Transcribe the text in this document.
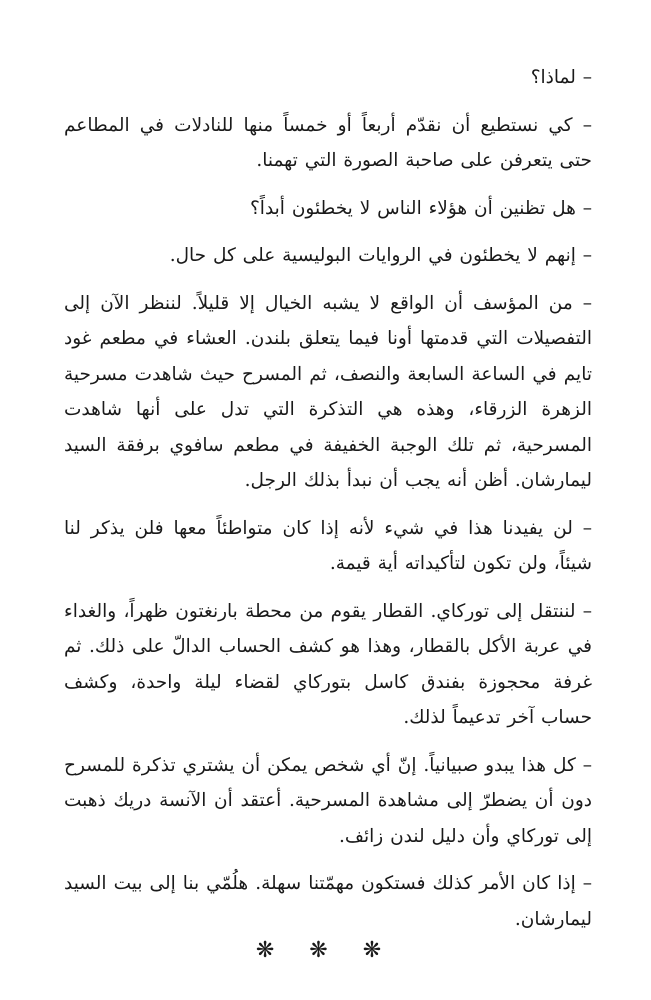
– لماذا؟

– كي نستطيع أن نقدّم أربعاً أو خمساً منها للنادلات في المطاعم حتى يتعرفن على صاحبة الصورة التي تهمنا.

– هل تظنين أن هؤلاء الناس لا يخطئون أبداً؟

– إنهم لا يخطئون في الروايات البوليسية على كل حال.

– من المؤسف أن الواقع لا يشبه الخيال إلا قليلاً. لننظر الآن إلى التفصيلات التي قدمتها أونا فيما يتعلق بلندن. العشاء في مطعم غود تايم في الساعة السابعة والنصف، ثم المسرح حيث شاهدت مسرحية الزهرة الزرقاء، وهذه هي التذكرة التي تدل على أنها شاهدت المسرحية، ثم تلك الوجبة الخفيفة في مطعم سافوي برفقة السيد ليمارشان. أظن أنه يجب أن نبدأ بذلك الرجل.

– لن يفيدنا هذا في شيء لأنه إذا كان متواطئاً معها فلن يذكر لنا شيئاً، ولن تكون لتأكيداته أية قيمة.

– لننتقل إلى توركاي. القطار يقوم من محطة بارنغتون ظهراً، والغداء في عربة الأكل بالقطار، وهذا هو كشف الحساب الدالّ على ذلك. ثم غرفة محجوزة بفندق كاسل بتوركاي لقضاء ليلة واحدة، وكشف حساب آخر تدعيماً لذلك.

– كل هذا يبدو صبيانياً. إنّ أي شخص يمكن أن يشتري تذكرة للمسرح دون أن يضطرّ إلى مشاهدة المسرحية. أعتقد أن الآنسة دريك ذهبت إلى توركاي وأن دليل لندن زائف.

– إذا كان الأمر كذلك فستكون مهمّتنا سهلة. هلُمّي بنا إلى بيت السيد ليمارشان.

❋ ❋ ❋
